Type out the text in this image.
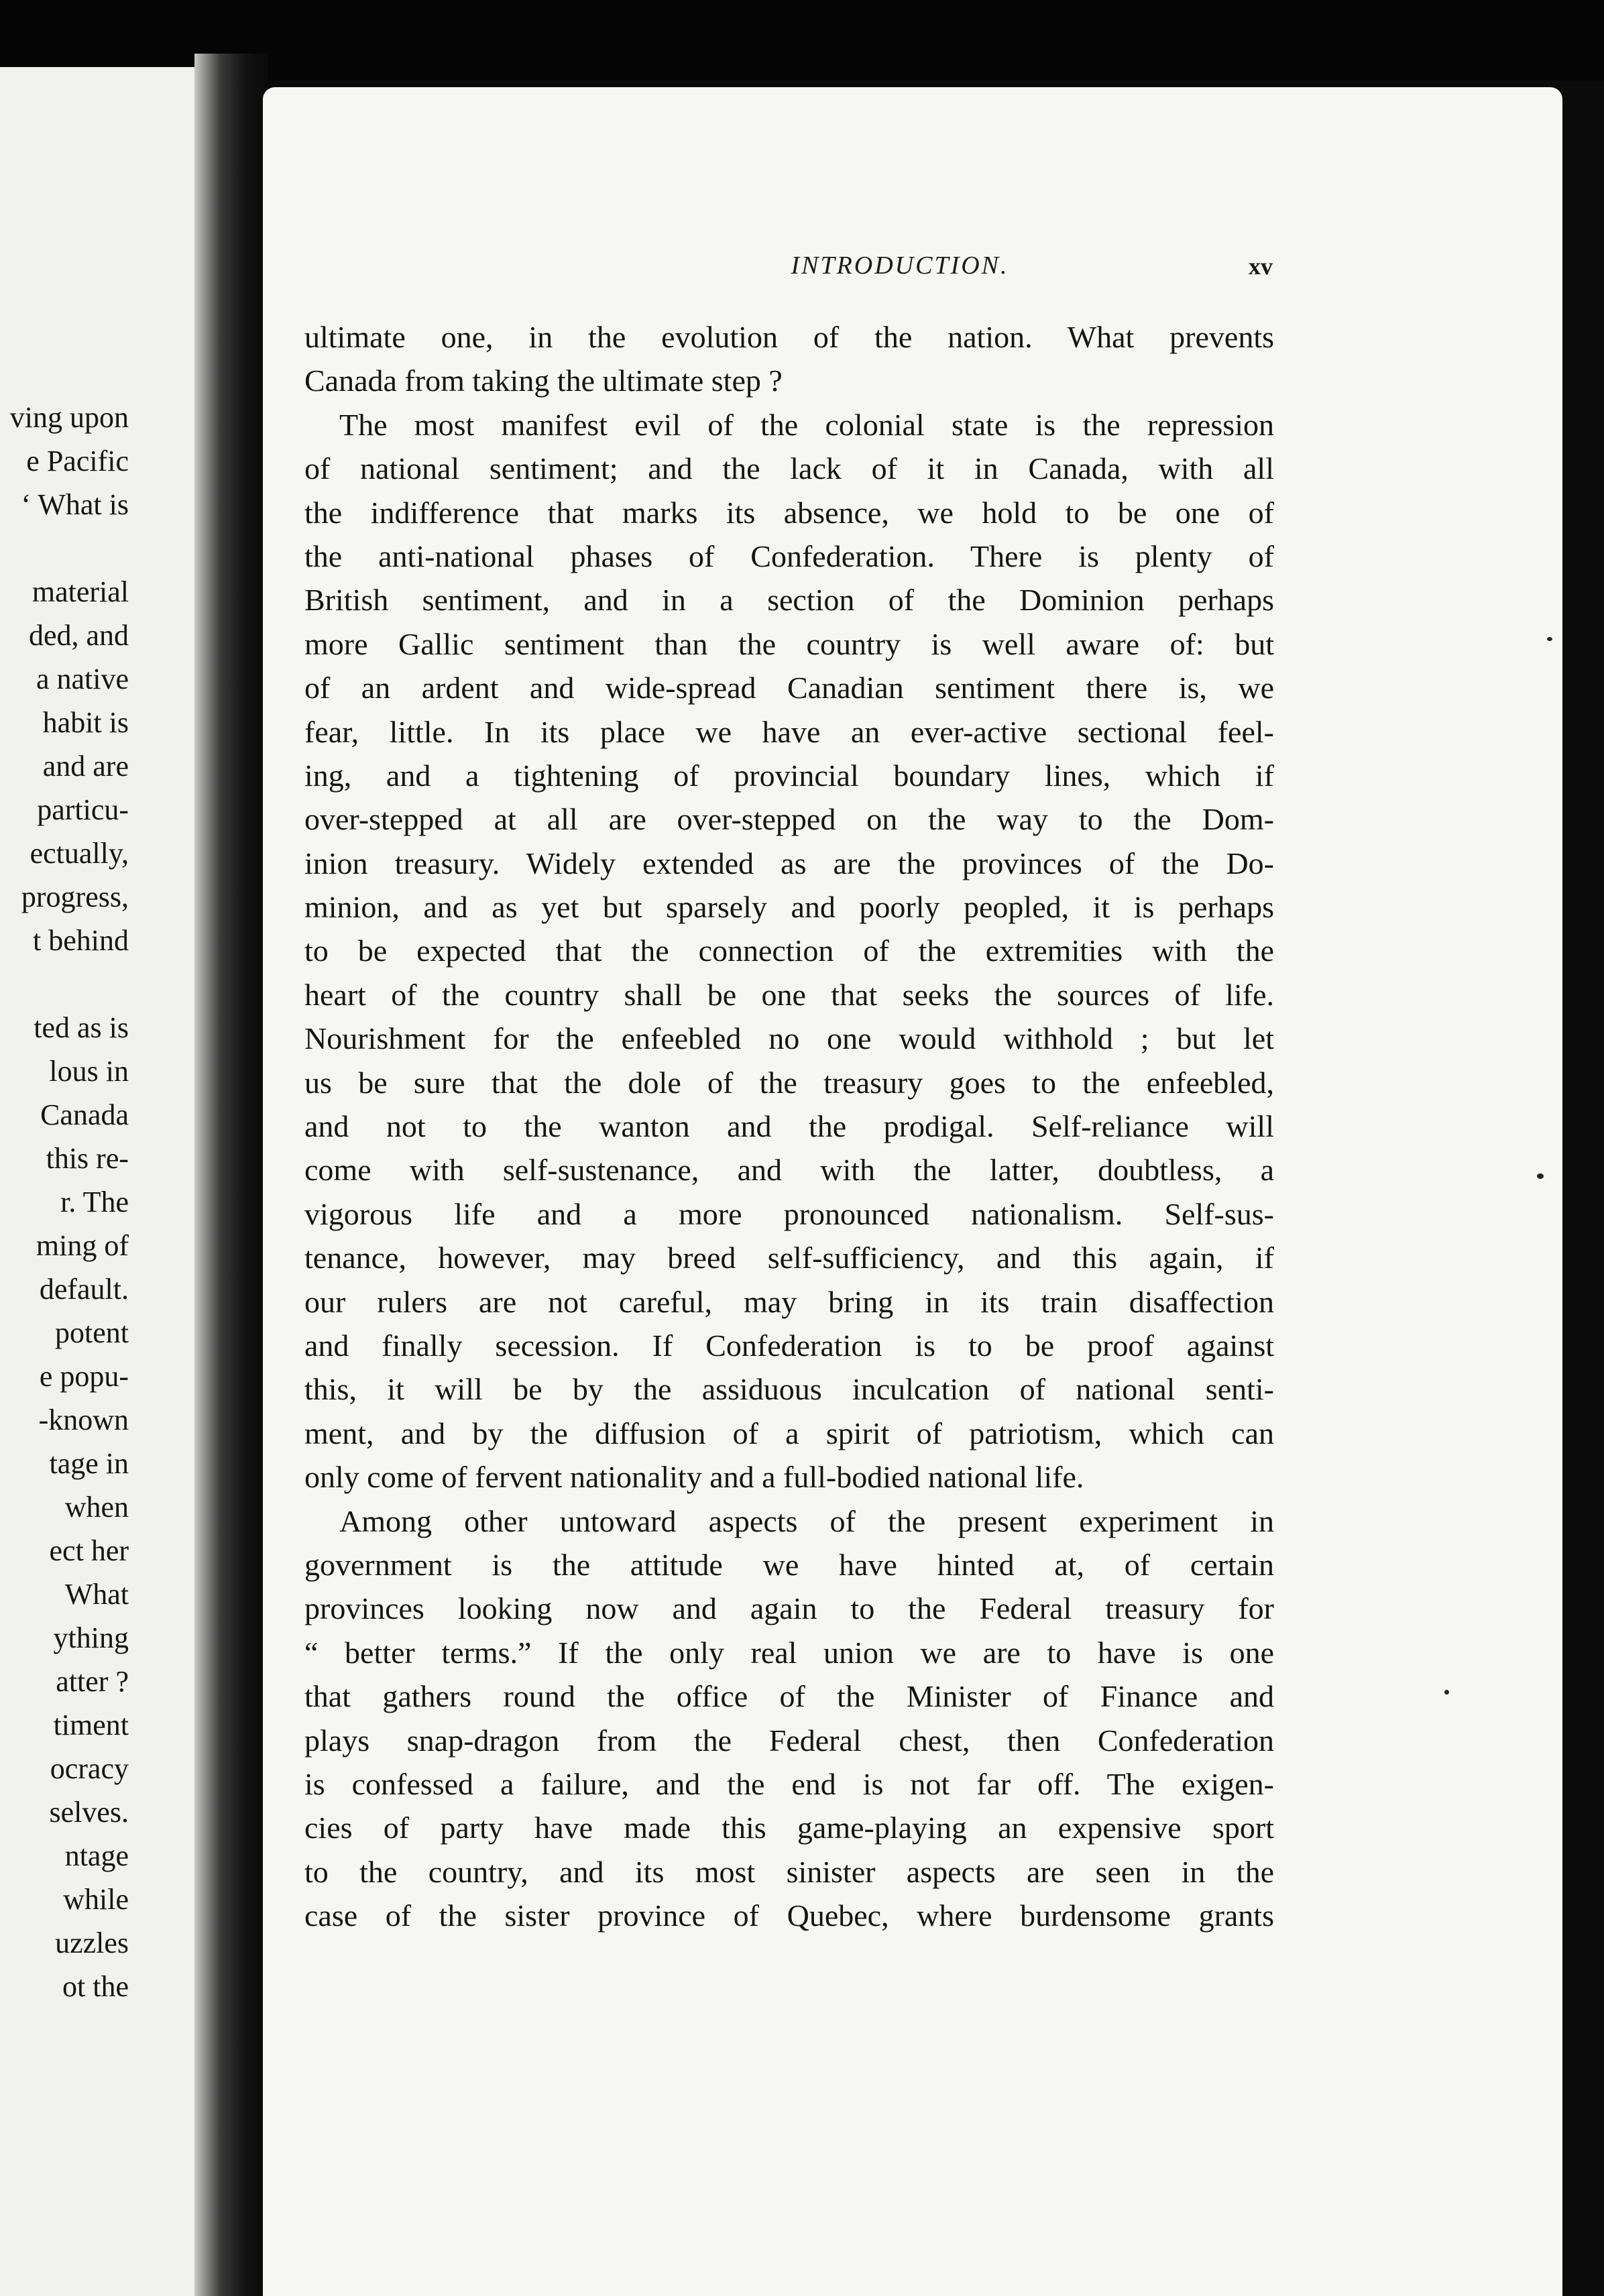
ving upon
e Pacific
‘ What is
material
ded, and
a native
habit is
and are
particu-
ectually,
progress,
t behind
ted as is
lous in
Canada
this re-
r. The
ming of
default.
potent
e popu-
-known
tage in
when
ect her
What
ything
atter ?
timent
ocracy
selves.
ntage
while
uzzles
ot the
INTRODUCTION.	xv
ultimate one, in the evolution of the nation. What prevents
Canada from taking the ultimate step ?
The most manifest evil of the colonial state is the repression
of national sentiment; and the lack of it in Canada, with all
the indifference that marks its absence, we hold to be one of
the anti-national phases of Confederation. There is plenty of
British sentiment, and in a section of the Dominion perhaps
more Gallic sentiment than the country is well aware of: but
of an ardent and wide-spread Canadian sentiment there is, we
fear, little. In its place we have an ever-active sectional feel-
ing, and a tightening of provincial boundary lines, which if
over-stepped at all are over-stepped on the way to the Dom-
inion treasury. Widely extended as are the provinces of the Do-
minion, and as yet but sparsely and poorly peopled, it is perhaps
to be expected that the connection of the extremities with the
heart of the country shall be one that seeks the sources of life.
Nourishment for the enfeebled no one would withhold ; but let
us be sure that the dole of the treasury goes to the enfeebled,
and not to the wanton and the prodigal. Self-reliance will
come with self-sustenance, and with the latter, doubtless, a
vigorous life and a more pronounced nationalism. Self-sus-
tenance, however, may breed self-sufficiency, and this again, if
our rulers are not careful, may bring in its train disaffection
and finally secession. If Confederation is to be proof against
this, it will be by the assiduous inculcation of national senti-
ment, and by the diffusion of a spirit of patriotism, which can
only come of fervent nationality and a full-bodied national life.
Among other untoward aspects of the present experiment in
government is the attitude we have hinted at, of certain
provinces looking now and again to the Federal treasury for
“ better terms.” If the only real union we are to have is one
that gathers round the office of the Minister of Finance and
plays snap-dragon from the Federal chest, then Confederation
is confessed a failure, and the end is not far off. The exigen-
cies of party have made this game-playing an expensive sport
to the country, and its most sinister aspects are seen in the
case of the sister province of Quebec, where burdensome grants
